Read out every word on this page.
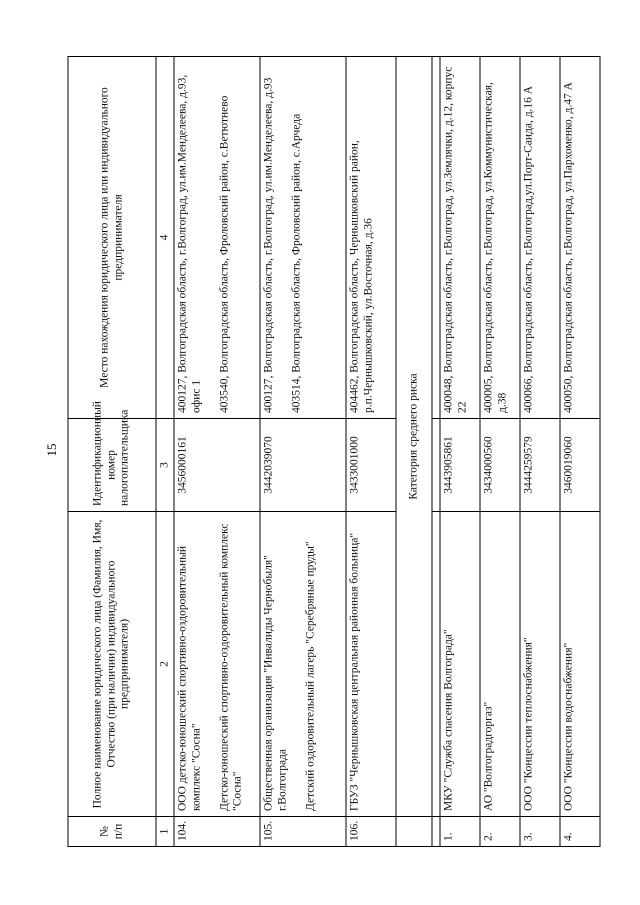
15
№ п/п	Полное наименование юридического лица (Фамилия, Имя, Отчество (при наличии) индивидуального предпринимателя)	Идентификационный номер налогоплательщика	Место нахождения юридического лица или индивидуального предпринимателя
1	2	3	4
104.	ООО детско-юношеский спортивно-оздоровительный комплекс "Сосна" Детско-юношеский спортивно-оздоровительный комплекс "Сосна"	3456000161	400127, Волгоградская область, г.Волгоград, ул.им.Менделеева, д.93, офис 1 403540, Волгоградская область, Фроловский район, с.Ветютнево

105.	Общественная организация "Инвалиды Чернобыля" г.Волгограда Детский оздоровительный лагерь "Серебряные пруды"	3442039070	400127, Волгоградская область, г.Волгоград, ул.им.Менделеева, д.93 403514, Волгоградская область, Фроловский район, с.Арчеда

106.	ГБУЗ "Чернышковская центральная районная больница"	3433001000	404462, Волгоградская область, Чернышковский район, р.п.Чернышковский, ул.Восточная, д.36
	Категория среднего риска		

1.	МКУ "Служба спасения Волгограда"	3443905861	400048, Волгоградская область, г.Волгоград, ул.Землячки, д.12, корпус 22
2.	АО "Волгоградгоргаз"	3434000560	400005, Волгоградская область, г.Волгоград, ул.Коммунистическая, д.38
3.	ООО "Концессии теплоснабжения"	3444259579	400066, Волгоградская область, г.Волгоград,ул.Порт-Саида, д.16 А
4.	ООО "Концессии водоснабжения"	3460019060	400050, Волгоградская область, г.Волгоград, ул.Пархоменко, д.47 А
